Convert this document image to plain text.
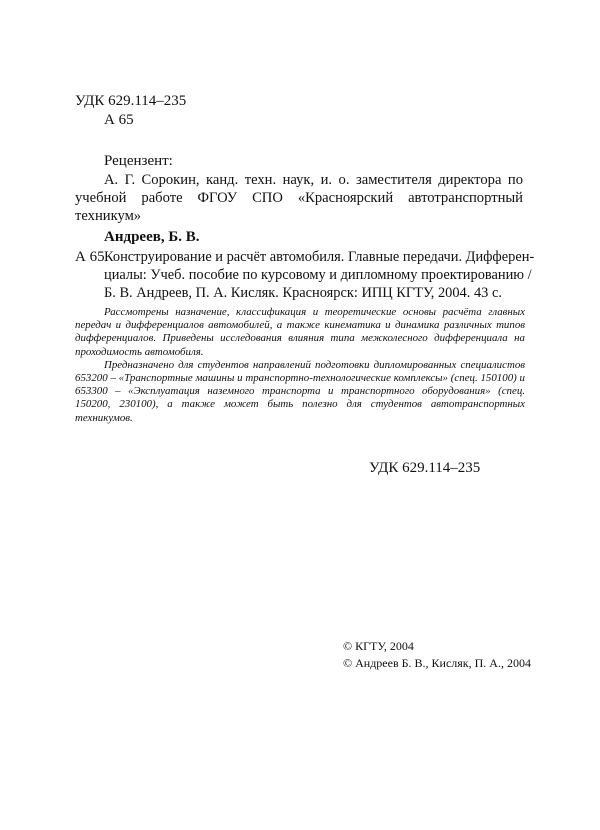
УДК 629.114–235
А 65
Рецензент:
А. Г. Сорокин, канд. техн. наук, и. о. заместителя директора по учебной работе ФГОУ СПО «Красноярский автотранспортный техникум»
Андреев, Б. В.
А 65 Конструирование и расчёт автомобиля. Главные передачи. Дифферен-
циалы: Учеб. пособие по курсовому и дипломному проектированию /
Б. В. Андреев, П. А. Кисляк. Красноярск: ИПЦ КГТУ, 2004. 43 с.

Рассмотрены назначение, классификация и теоретические основы расчёта главных передач и дифференциалов автомобилей, а также кинематика и динамика различных типов дифференциалов. Приведены исследования влияния типа межколесного дифференциала на проходимость автомобиля.

Предназначено для студентов направлений подготовки дипломированных специалистов 653200 – «Транспортные машины и транспортно-технологические комплексы» (спец. 150100) и 653300 – «Эксплуатация наземного транспорта и транспортного оборудования» (спец. 150200, 230100), а также может быть полезно для студентов автотранспортных техникумов.

УДК 629.114–235
© КГТУ, 2004
© Андреев Б. В., Кисляк, П. А., 2004
